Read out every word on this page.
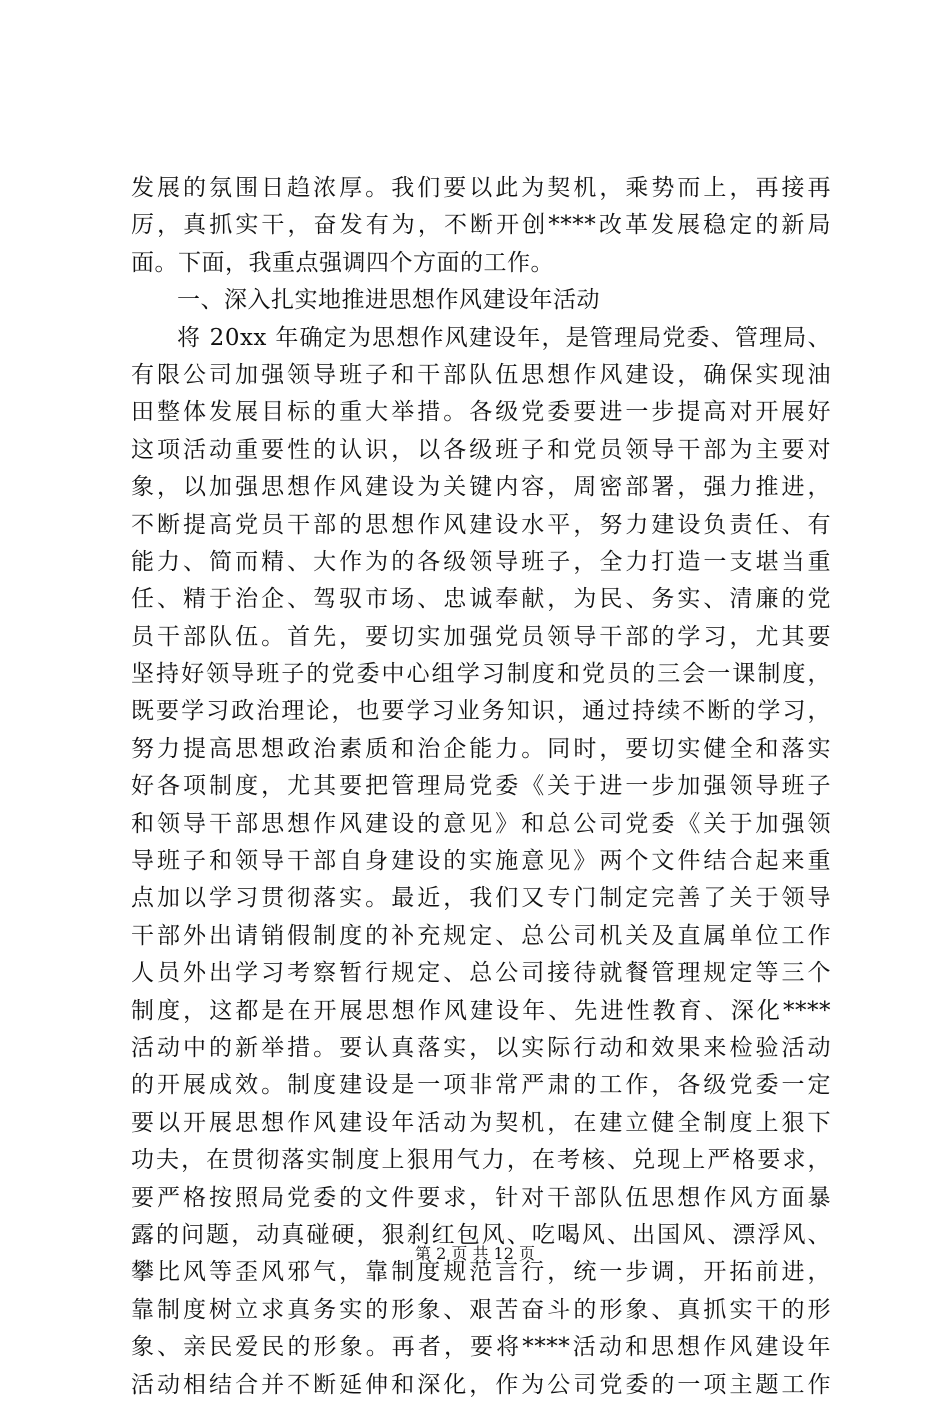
发展的氛围日趋浓厚。我们要以此为契机，乘势而上，再接再
厉，真抓实干，奋发有为，不断开创****改革发展稳定的新局
面。下面，我重点强调四个方面的工作。
一、深入扎实地推进思想作风建设年活动
将 20xx 年确定为思想作风建设年，是管理局党委、管理局、
有限公司加强领导班子和干部队伍思想作风建设，确保实现油
田整体发展目标的重大举措。各级党委要进一步提高对开展好
这项活动重要性的认识，以各级班子和党员领导干部为主要对
象，以加强思想作风建设为关键内容，周密部署，强力推进，
不断提高党员干部的思想作风建设水平，努力建设负责任、有
能力、简而精、大作为的各级领导班子，全力打造一支堪当重
任、精于治企、驾驭市场、忠诚奉献，为民、务实、清廉的党
员干部队伍。首先，要切实加强党员领导干部的学习，尤其要
坚持好领导班子的党委中心组学习制度和党员的三会一课制度，
既要学习政治理论，也要学习业务知识，通过持续不断的学习，
努力提高思想政治素质和治企能力。同时，要切实健全和落实
好各项制度，尤其要把管理局党委《关于进一步加强领导班子
和领导干部思想作风建设的意见》和总公司党委《关于加强领
导班子和领导干部自身建设的实施意见》两个文件结合起来重
点加以学习贯彻落实。最近，我们又专门制定完善了关于领导
干部外出请销假制度的补充规定、总公司机关及直属单位工作
人员外出学习考察暂行规定、总公司接待就餐管理规定等三个
制度，这都是在开展思想作风建设年、先进性教育、深化****
活动中的新举措。要认真落实，以实际行动和效果来检验活动
的开展成效。制度建设是一项非常严肃的工作，各级党委一定
要以开展思想作风建设年活动为契机，在建立健全制度上狠下
功夫，在贯彻落实制度上狠用气力，在考核、兑现上严格要求，
要严格按照局党委的文件要求，针对干部队伍思想作风方面暴
露的问题，动真碰硬，狠刹红包风、吃喝风、出国风、漂浮风、
攀比风等歪风邪气，靠制度规范言行，统一步调，开拓前进，
靠制度树立求真务实的形象、艰苦奋斗的形象、真抓实干的形
象、亲民爱民的形象。再者，要将****活动和思想作风建设年
活动相结合并不断延伸和深化，作为公司党委的一项主题工作
第 2 页 共 12 页
